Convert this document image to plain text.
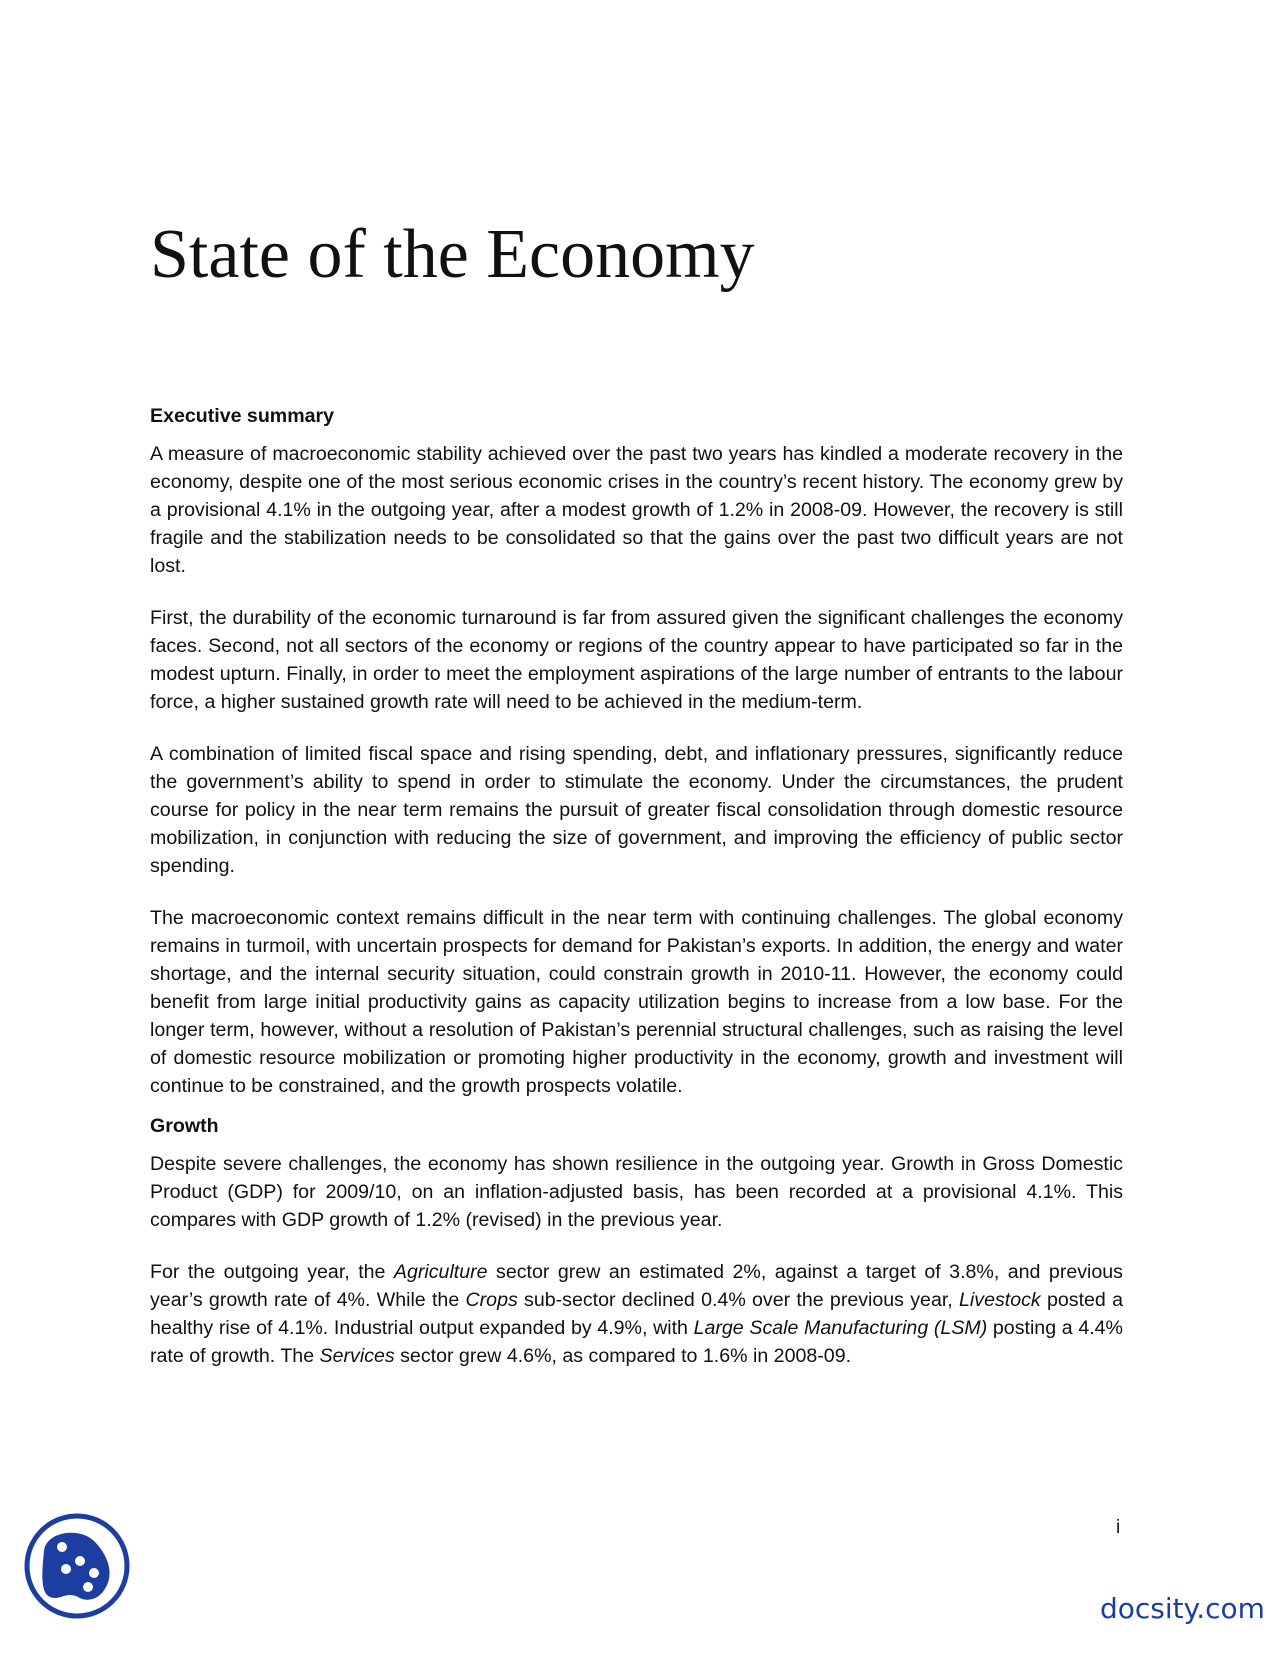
State of the Economy
Executive summary

A measure of macroeconomic stability achieved over the past two years has kindled a moderate recovery in the economy, despite one of the most serious economic crises in the country’s recent history. The economy grew by a provisional 4.1% in the outgoing year, after a modest growth of 1.2% in 2008-09. However, the recovery is still fragile and the stabilization needs to be consolidated so that the gains over the past two difficult years are not lost.

First, the durability of the economic turnaround is far from assured given the significant challenges the economy faces. Second, not all sectors of the economy or regions of the country appear to have participated so far in the modest upturn. Finally, in order to meet the employment aspirations of the large number of entrants to the labour force, a higher sustained growth rate will need to be achieved in the medium-term.

A combination of limited fiscal space and rising spending, debt, and inflationary pressures, significantly reduce the government’s ability to spend in order to stimulate the economy. Under the circumstances, the prudent course for policy in the near term remains the pursuit of greater fiscal consolidation through domestic resource mobilization, in conjunction with reducing the size of government, and improving the efficiency of public sector spending.

The macroeconomic context remains difficult in the near term with continuing challenges. The global economy remains in turmoil, with uncertain prospects for demand for Pakistan’s exports. In addition, the energy and water shortage, and the internal security situation, could constrain growth in 2010-11. However, the economy could benefit from large initial productivity gains as capacity utilization begins to increase from a low base. For the longer term, however, without a resolution of Pakistan’s perennial structural challenges, such as raising the level of domestic resource mobilization or promoting higher productivity in the economy, growth and investment will continue to be constrained, and the growth prospects volatile.

Growth

Despite severe challenges, the economy has shown resilience in the outgoing year. Growth in Gross Domestic Product (GDP) for 2009/10, on an inflation-adjusted basis, has been recorded at a provisional 4.1%. This compares with GDP growth of 1.2% (revised) in the previous year.

For the outgoing year, the Agriculture sector grew an estimated 2%, against a target of 3.8%, and previous year’s growth rate of 4%. While the Crops sub-sector declined 0.4% over the previous year, Livestock posted a healthy rise of 4.1%. Industrial output expanded by 4.9%, with Large Scale Manufacturing (LSM) posting a 4.4% rate of growth. The Services sector grew 4.6%, as compared to 1.6% in 2008-09.

i
docsity.com
